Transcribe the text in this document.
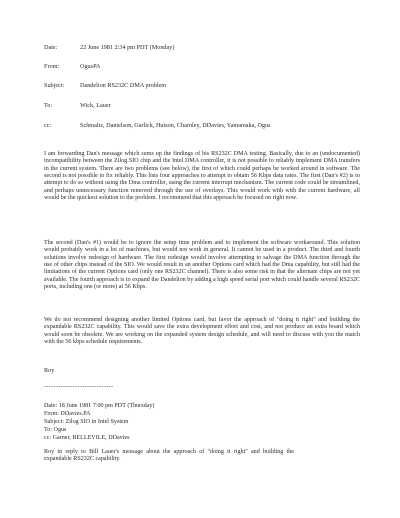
Date:	22 June 1981 2:34 pm PDT (Monday)
From:	OgusPA
Subject:	Dandelion RS232C DMA problem
To:	Wick, Lauer
cc:	Schmaltz, Danielson, Garlick, Hutson, Charnley, DDavies, Yamamaka, Ogus

I am forwarding Dan's message which sums up the findings of his RS232C DMA testing. Basically, due to an (undocumented) incompatibility between the Zilog SIO chip and the Intel DMA controller, it is not possible to reliably implement DMA transfers in the current system. There are two problems (see below), the first of which could perhaps be worked around in software. The second is not possible to fix reliably. This lists four approaches to attempt to obtain 56 Kbps data rates. The first (Dan's #2) is to attempt to do so without using the Dma controller, using the current interrupt mechanism. The current code could be streamlined, and perhaps unnecessary function removed through the use of overlays. This would work with with the current hardware, all would be the quickest solution to the problem. I recommend that this approach be focused on right now.

The second (Dan's #1) would be to ignore the setup time problem and to implement the software workaround. This solution would probably work in a lot of machines, but would not work in general. It cannot be used in a product. The third and fourth solutions involve redesign of hardware. The first redesign would involve attempting to salvage the DMA function through the use of other chips instead of the SIO. We would result in an another Options card which had the Dma capability, but still had the limitations of the current Options card (only one RS232C channel). There is also some risk in that the alternate chips are not yet available. The fourth approach is to expand the Dandelion by adding a high speed serial port which could handle several RS232C ports, including one (or more) at 56 Kbps.

We do not recommend designing another limited Options card, but favor the approach of "doing it right" and building the expandable RS232C capability. This would save the extra development effort and cost, and not produce an extra board which would soon be obsolete. We are working on the expanded system design schedule, and will need to discuss with you the match with the 56 kbps schedule requirements.

Roy
-----------------------------
Date: 18 June 1981 7:00 pm PDT (Thursday)
From: DDavies.PA
Subject: Zilog SIO in Intel System
To: Ogus
cc: Garner, BELLEVILE, DDavies

Roy in reply to Bill Lauer's message about the approach of "doing it right" and building the expandable RS232C capability.
